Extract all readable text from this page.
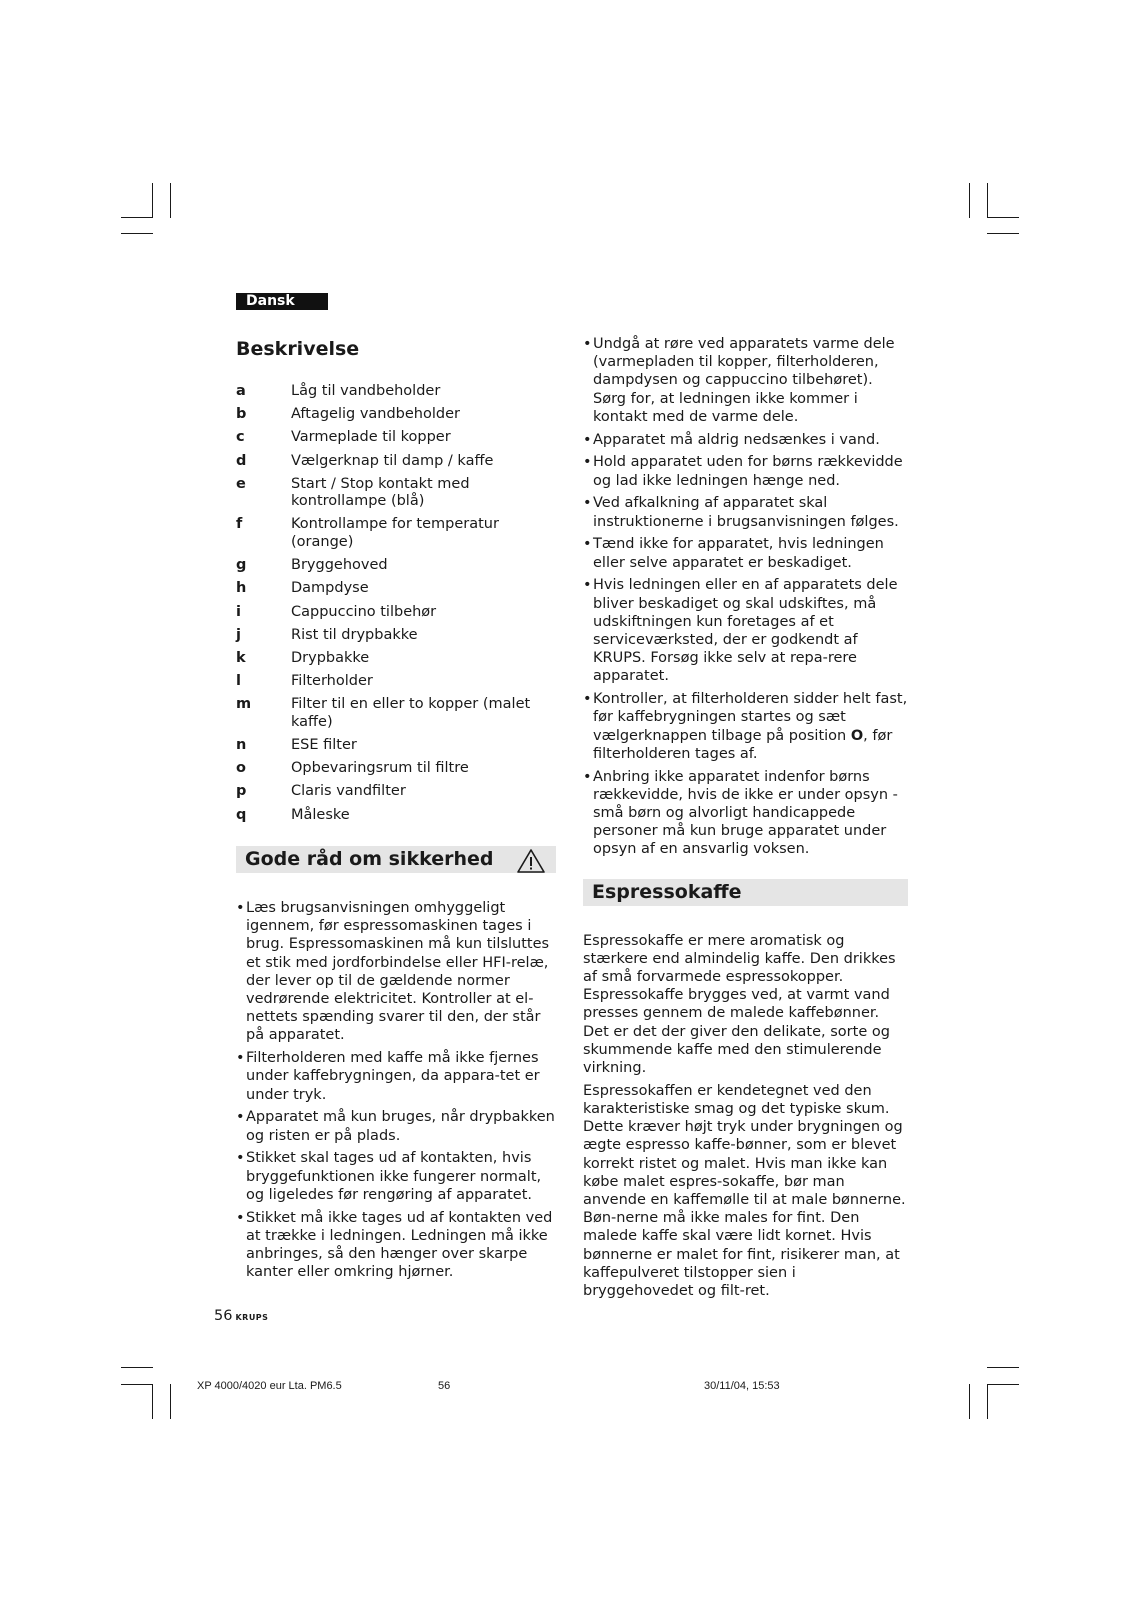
Dansk
Beskrivelse
a	Låg til vandbeholder
b	Aftagelig vandbeholder
c	Varmeplade til kopper
d	Vælgerknap til damp / kaffe
e	Start / Stop kontakt med kontrollampe (blå)
f	Kontrollampe for temperatur (orange)
g	Bryggehoved
h	Dampdyse
i	Cappuccino tilbehør
j	Rist til drypbakke
k	Drypbakke
l	Filterholder
m	Filter til en eller to kopper (malet kaffe)
n	ESE filter
o	Opbevaringsrum til filtre
p	Claris vandfilter
q	Måleske
Gode råd om sikkerhed
• Læs brugsanvisningen omhyggeligt igennem, før espressomaskinen tages i brug. Espressomaskinen må kun tilsluttes et stik med jordforbindelse eller HFI-relæ, der lever op til de gældende normer vedrørende elektricitet. Kontroller at el-nettets spænding svarer til den, der står på apparatet.
• Filterholderen med kaffe må ikke fjernes under kaffebrygningen, da appara-tet er under tryk.
• Apparatet må kun bruges, når drypbakken og risten er på plads.
• Stikket skal tages ud af kontakten, hvis bryggefunktionen ikke fungerer normalt, og ligeledes før rengøring af apparatet.
• Stikket må ikke tages ud af kontakten ved at trække i ledningen. Ledningen må ikke anbringes, så den hænger over skarpe kanter eller omkring hjørner.
• Undgå at røre ved apparatets varme dele (varmepladen til kopper, filterholderen, dampdysen og cappuccino tilbehøret). Sørg for, at ledningen ikke kommer i kontakt med de varme dele.
• Apparatet må aldrig nedsænkes i vand.
• Hold apparatet uden for børns rækkevidde og lad ikke ledningen hænge ned.
• Ved afkalkning af apparatet skal instruktionerne i brugsanvisningen følges.
• Tænd ikke for apparatet, hvis ledningen eller selve apparatet er beskadiget.
• Hvis ledningen eller en af apparatets dele bliver beskadiget og skal udskiftes, må udskiftningen kun foretages af et serviceværksted, der er godkendt af KRUPS. Forsøg ikke selv at repa-rere apparatet.
• Kontroller, at filterholderen sidder helt fast, før kaffebrygningen startes og sæt vælgerknappen tilbage på position O, før filterholderen tages af.
• Anbring ikke apparatet indenfor børns rækkevidde, hvis de ikke er under opsyn - små børn og alvorligt handicappede personer må kun bruge apparatet under opsyn af en ansvarlig voksen.
Espressokaffe

Espressokaffe er mere aromatisk og stærkere end almindelig kaffe. Den drikkes af små forvarmede espressokopper. Espressokaffe brygges ved, at varmt vand presses gennem de malede kaffebønner. Det er det der giver den delikate, sorte og skummende kaffe med den stimulerende virkning.

Espressokaffen er kendetegnet ved den karakteristiske smag og det typiske skum. Dette kræver højt tryk under brygningen og ægte espresso kaffe-bønner, som er blevet korrekt ristet og malet. Hvis man ikke kan købe malet espres-sokaffe, bør man anvende en kaffemølle til at male bønnerne. Bøn-nerne må ikke males for fint. Den malede kaffe skal være lidt kornet. Hvis bønnerne er malet for fint, risikerer man, at kaffepulveret tilstopper sien i bryggehovedet og filt-ret.

56 KRUPS
XP 4000/4020 eur Lta. PM6.5	56	30/11/04, 15:53
